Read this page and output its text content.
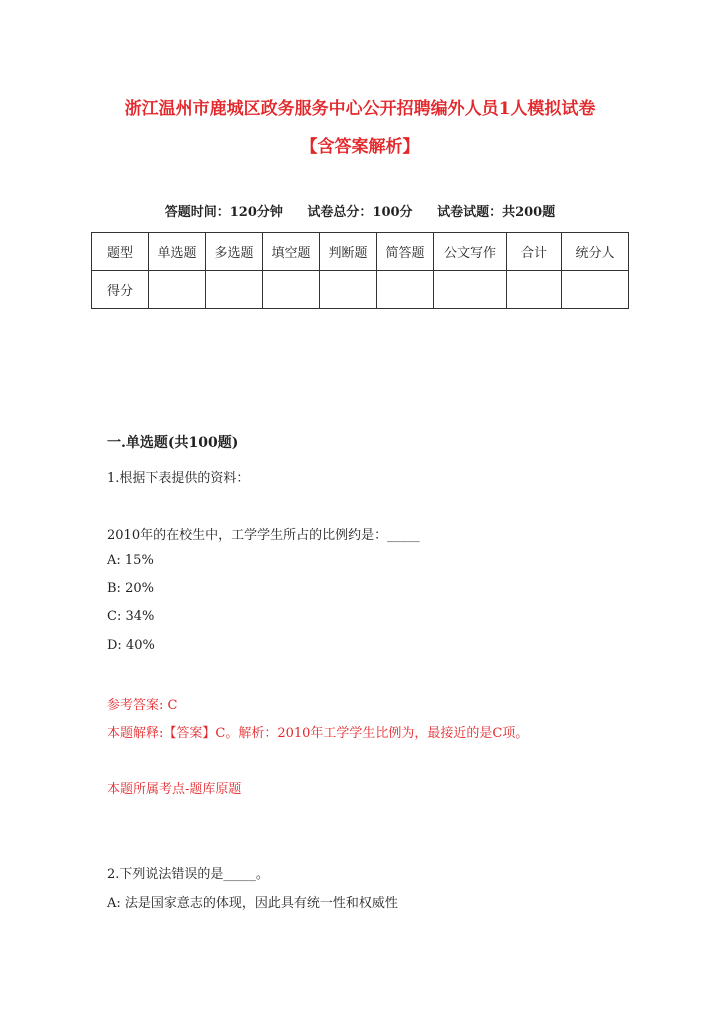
浙江温州市鹿城区政务服务中心公开招聘编外人员1人模拟试卷
【含答案解析】
答题时间：120分钟 试卷总分：100分 试卷试题：共200题
题型	单选题	多选题	填空题	判断题	简答题	公文写作	合计	统分人
得分								
一.单选题(共100题)
1.根据下表提供的资料：
2010年的在校生中，工学学生所占的比例约是：_____
A: 15%
B: 20%
C: 34%
D: 40%
参考答案: C
本题解释:【答案】C。解析：2010年工学学生比例为，最接近的是C项。
本题所属考点-题库原题
2.下列说法错误的是_____。
A: 法是国家意志的体现，因此具有统一性和权威性
